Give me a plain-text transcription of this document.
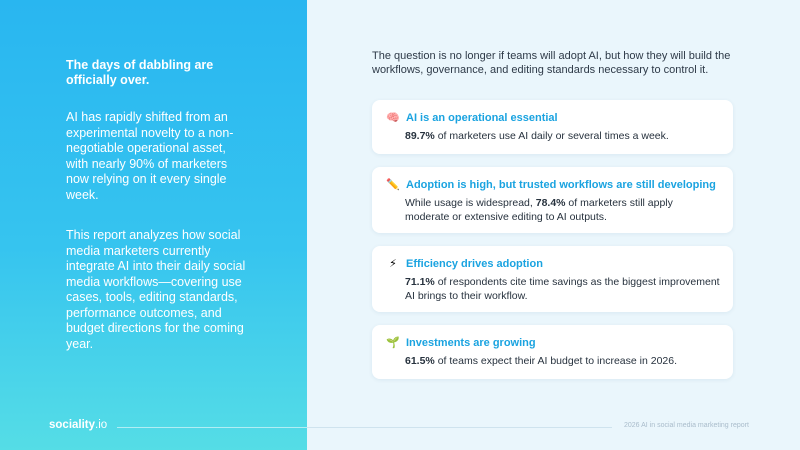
The days of dabbling are officially over.
AI has rapidly shifted from an experimental novelty to a non-negotiable operational asset, with nearly 90% of marketers now relying on it every single week.
This report analyzes how social media marketers currently integrate AI into their daily social media workflows—covering use cases, tools, editing standards, performance outcomes, and budget directions for the coming year.
The question is no longer if teams will adopt AI, but how they will build the workflows, governance, and editing standards necessary to control it.
🧠 AI is an operational essential
89.7% of marketers use AI daily or several times a week.
✏️ Adoption is high, but trusted workflows are still developing
While usage is widespread, 78.4% of marketers still apply moderate or extensive editing to AI outputs.
⚡ Efficiency drives adoption
71.1% of respondents cite time savings as the biggest improvement AI brings to their workflow.
🌱 Investments are growing
61.5% of teams expect their AI budget to increase in 2026.
sociality.io	2026 AI in social media marketing report
